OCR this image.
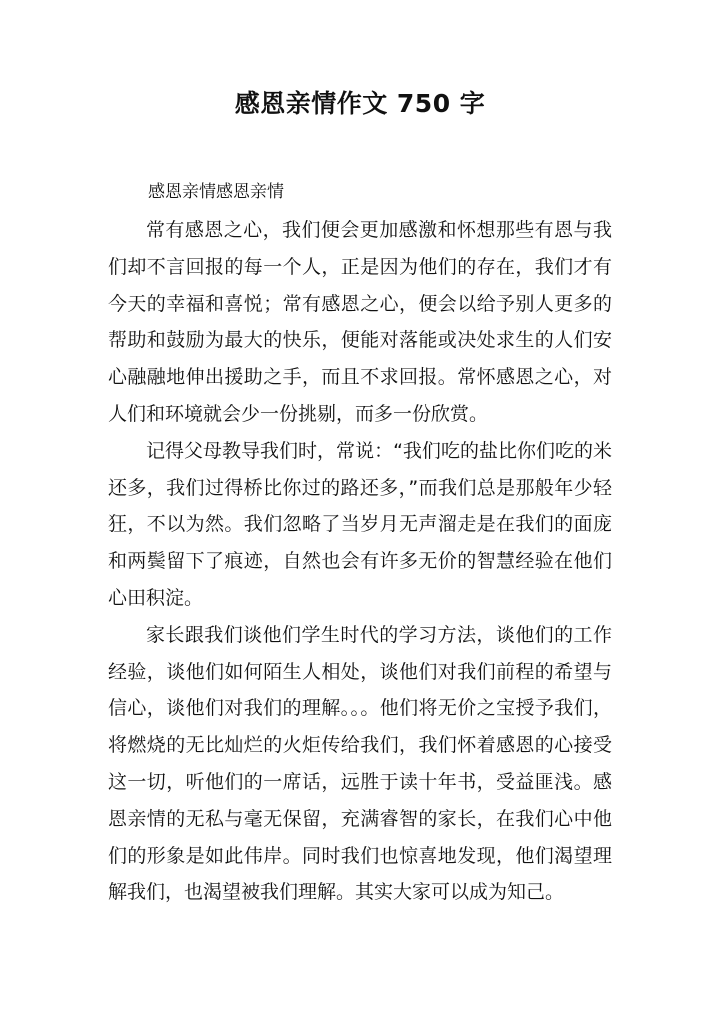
感恩亲情作文 750 字
感恩亲情感恩亲情

常有感恩之心，我们便会更加感激和怀想那些有恩与我们却不言回报的每一个人，正是因为他们的存在，我们才有今天的幸福和喜悦；常有感恩之心，便会以给予别人更多的帮助和鼓励为最大的快乐，便能对落能或决处求生的人们安心融融地伸出援助之手，而且不求回报。常怀感恩之心，对人们和环境就会少一份挑剔，而多一份欣赏。

记得父母教导我们时，常说：“我们吃的盐比你们吃的米还多，我们过得桥比你过的路还多，”而我们总是那般年少轻狂，不以为然。我们忽略了当岁月无声溜走是在我们的面庞和两鬓留下了痕迹，自然也会有许多无价的智慧经验在他们心田积淀。

家长跟我们谈他们学生时代的学习方法，谈他们的工作经验，谈他们如何陌生人相处，谈他们对我们前程的希望与信心，谈他们对我们的理解。。。他们将无价之宝授予我们，将燃烧的无比灿烂的火炬传给我们，我们怀着感恩的心接受这一切，听他们的一席话，远胜于读十年书，受益匪浅。感恩亲情的无私与毫无保留，充满睿智的家长，在我们心中他们的形象是如此伟岸。同时我们也惊喜地发现，他们渴望理解我们，也渴望被我们理解。其实大家可以成为知己。
